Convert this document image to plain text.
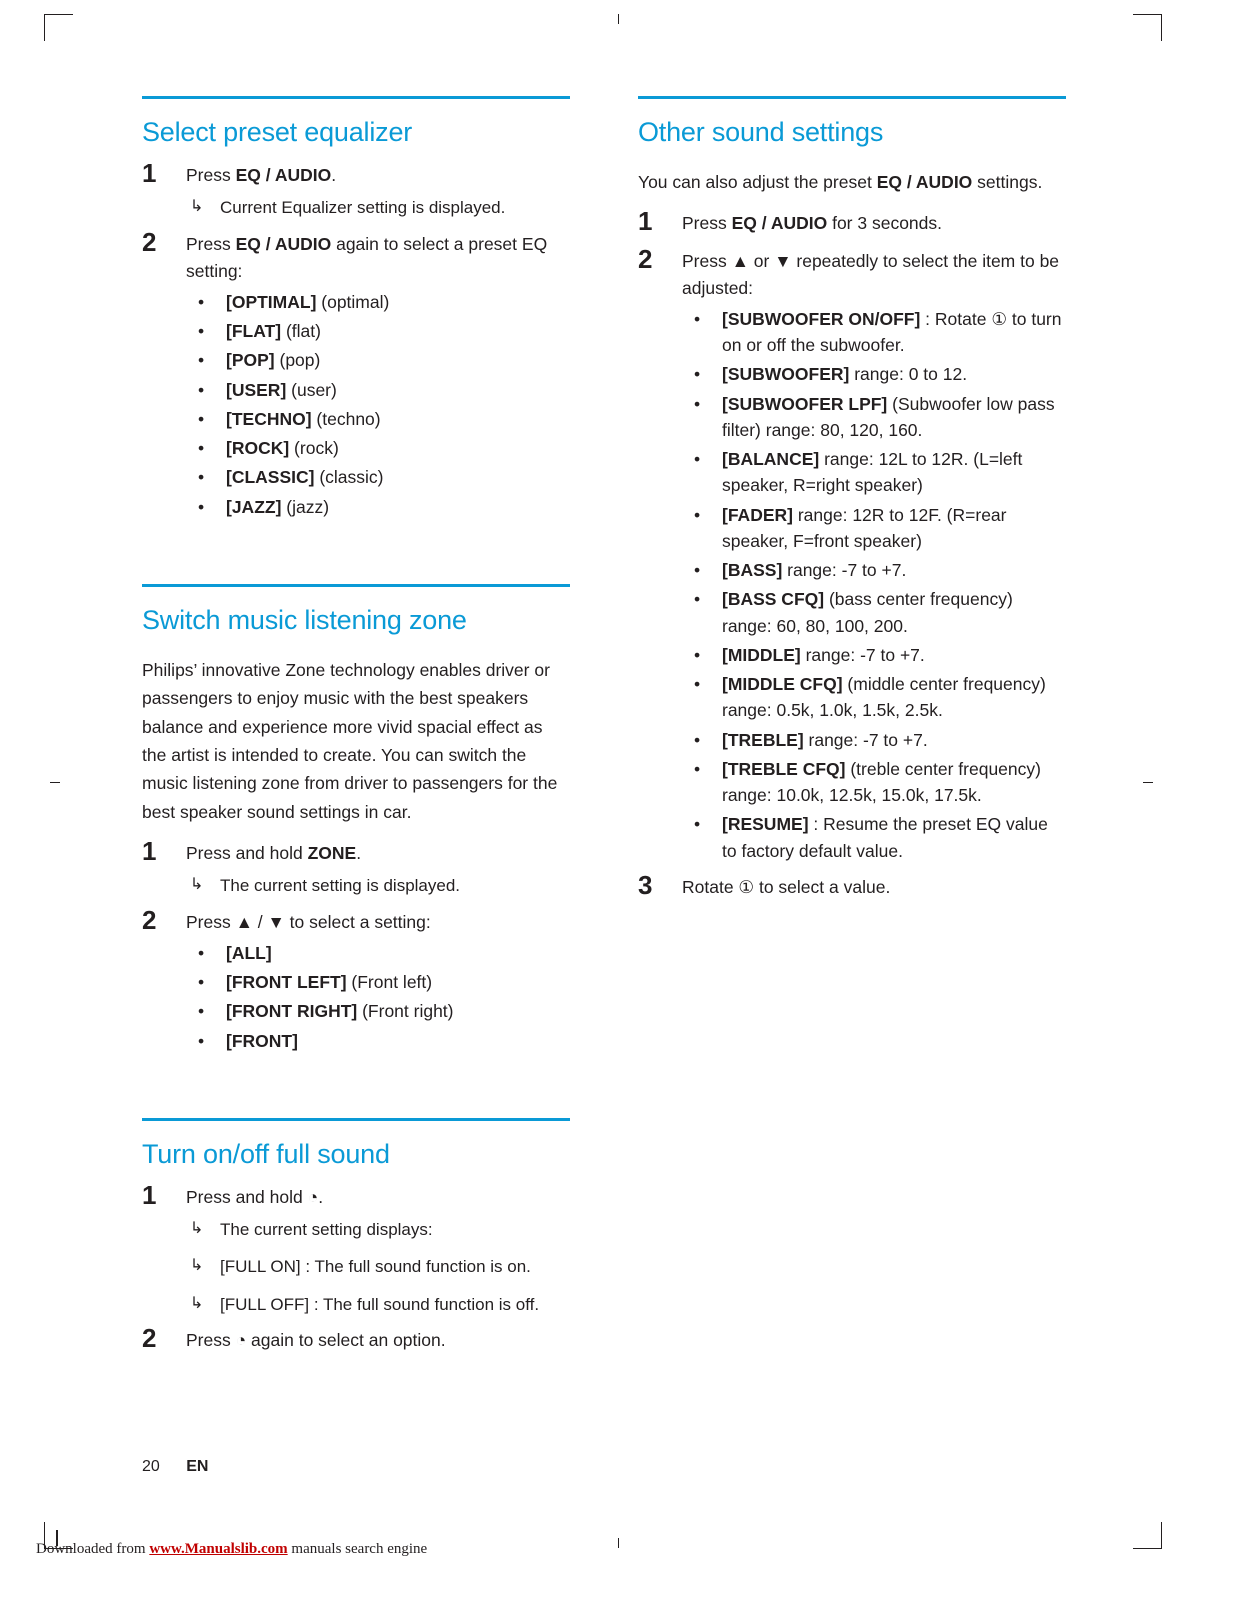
Select preset equalizer
1 Press EQ / AUDIO.
↳ Current Equalizer setting is displayed.
2 Press EQ / AUDIO again to select a preset EQ setting:
• [OPTIMAL] (optimal)
• [FLAT] (flat)
• [POP] (pop)
• [USER] (user)
• [TECHNO] (techno)
• [ROCK] (rock)
• [CLASSIC] (classic)
• [JAZZ] (jazz)
Switch music listening zone

Philips’ innovative Zone technology enables driver or passengers to enjoy music with the best speakers balance and experience more vivid spacial effect as the artist is intended to create. You can switch the music listening zone from driver to passengers for the best speaker sound settings in car.

1 Press and hold ZONE.
↳ The current setting is displayed.
2 Press ▲ / ▼ to select a setting:
• [ALL]
• [FRONT LEFT] (Front left)
• [FRONT RIGHT] (Front right)
• [FRONT]
Turn on/off full sound
1 Press and hold ◔.
↳ The current setting displays:
↳ [FULL ON] : The full sound function is on.
↳ [FULL OFF] : The full sound function is off.
2 Press ◔ again to select an option.
Other sound settings

You can also adjust the preset EQ / AUDIO settings.

1 Press EQ / AUDIO for 3 seconds.
2 Press ▲ or ▼ repeatedly to select the item to be adjusted:
• [SUBWOOFER ON/OFF] : Rotate ① to turn on or off the subwoofer.
• [SUBWOOFER] range: 0 to 12.
• [SUBWOOFER LPF] (Subwoofer low pass filter) range: 80, 120, 160.
• [BALANCE] range: 12L to 12R. (L=left speaker, R=right speaker)
• [FADER] range: 12R to 12F. (R=rear speaker, F=front speaker)
• [BASS] range: -7 to +7.
• [BASS CFQ] (bass center frequency) range: 60, 80, 100, 200.
• [MIDDLE] range: -7 to +7.
• [MIDDLE CFQ] (middle center frequency) range: 0.5k, 1.0k, 1.5k, 2.5k.
• [TREBLE] range: -7 to +7.
• [TREBLE CFQ] (treble center frequency) range: 10.0k, 12.5k, 15.0k, 17.5k.
• [RESUME] : Resume the preset EQ value to factory default value.
3 Rotate ① to select a value.
20 EN
Downloaded from www.Manualslib.com manuals search engine
